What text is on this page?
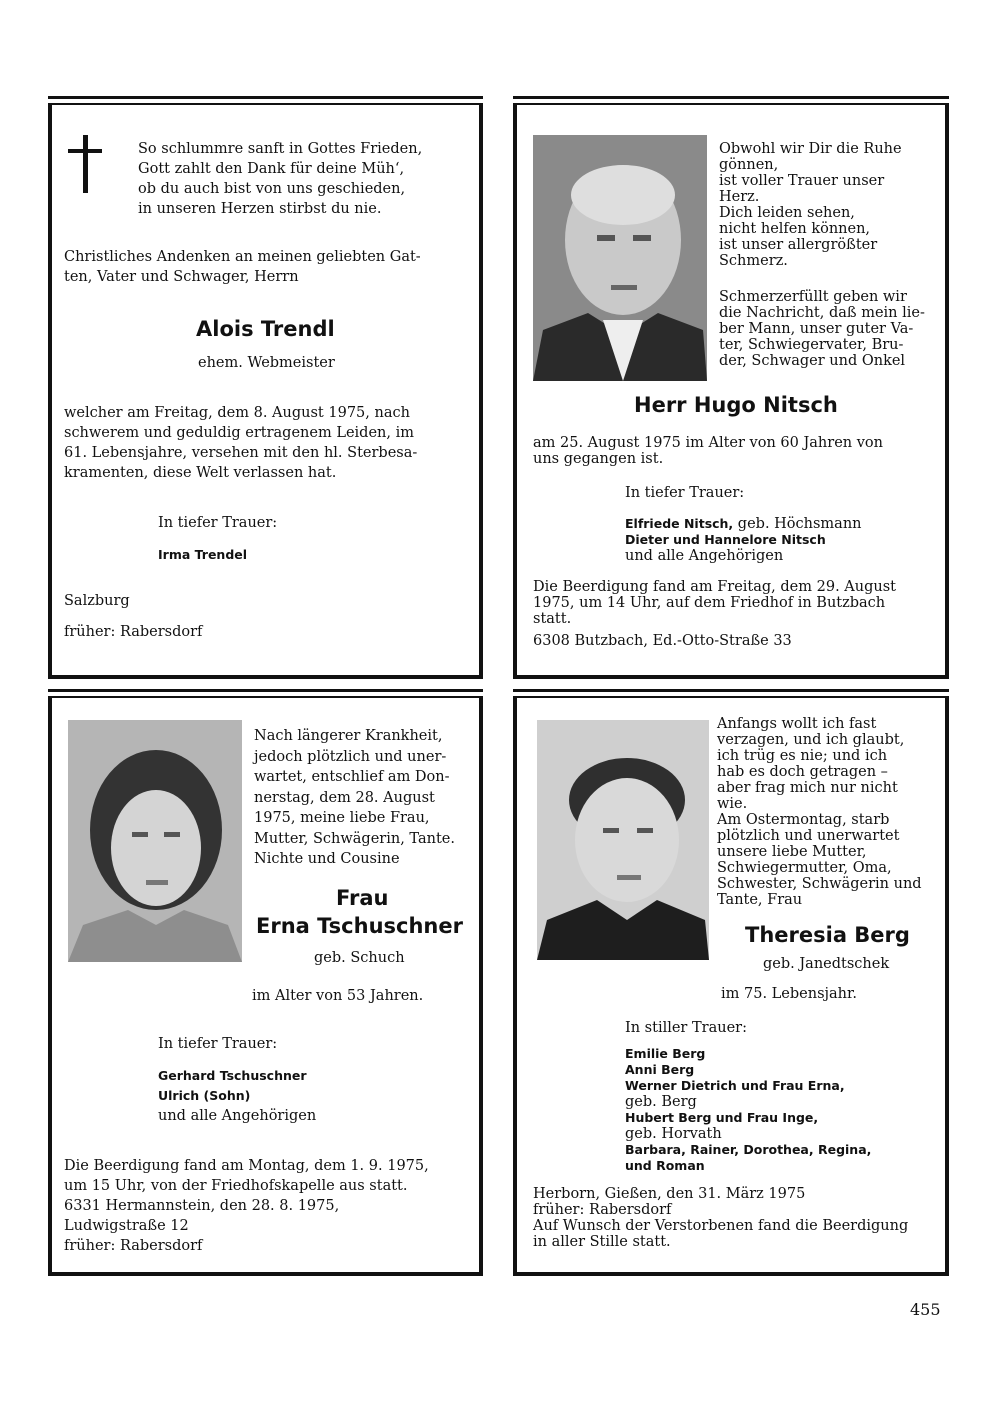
So schlummre sanft in Gottes Frieden,
Gott zahlt den Dank für deine Müh‘,
ob du auch bist von uns geschieden,
in unseren Herzen stirbst du nie.
Christliches Andenken an meinen geliebten Gat-
ten, Vater und Schwager, Herrn
Alois Trendl
ehem. Webmeister
welcher am Freitag, dem 8. August 1975, nach
schwerem und geduldig ertragenem Leiden, im
61. Lebensjahre, versehen mit den hl. Sterbesa-
kramenten, diese Welt verlassen hat.
In tiefer Trauer:
Irma Trendel
Salzburg
früher: Rabersdorf
Obwohl wir Dir die Ruhe
gönnen,
ist voller Trauer unser
Herz.
Dich leiden sehen,
nicht helfen können,
ist unser allergrößter
Schmerz.
Schmerzerfüllt geben wir
die Nachricht, daß mein lie-
ber Mann, unser guter Va-
ter, Schwiegervater, Bru-
der, Schwager und Onkel
Herr Hugo Nitsch
am 25. August 1975 im Alter von 60 Jahren von
uns gegangen ist.
In tiefer Trauer:
Elfriede Nitsch, geb. Höchsmann
Dieter und Hannelore Nitsch
und alle Angehörigen
Die Beerdigung fand am Freitag, dem 29. August
1975, um 14 Uhr, auf dem Friedhof in Butzbach
statt.
6308 Butzbach, Ed.-Otto-Straße 33
Nach längerer Krankheit,
jedoch plötzlich und uner-
wartet, entschlief am Don-
nerstag, dem 28. August
1975, meine liebe Frau,
Mutter, Schwägerin, Tante.
Nichte und Cousine
Frau
Erna Tschuschner
geb. Schuch
im Alter von 53 Jahren.
In tiefer Trauer:
Gerhard Tschuschner
Ulrich (Sohn)
und alle Angehörigen
Die Beerdigung fand am Montag, dem 1. 9. 1975,
um 15 Uhr, von der Friedhofskapelle aus statt.
6331 Hermannstein, den 28. 8. 1975,
Ludwigstraße 12
früher: Rabersdorf
Anfangs wollt ich fast
verzagen, und ich glaubt,
ich trüg es nie; und ich
hab es doch getragen –
aber frag mich nur nicht
wie.
Am Ostermontag, starb
plötzlich und unerwartet
unsere liebe Mutter,
Schwiegermutter, Oma,
Schwester, Schwägerin und
Tante, Frau
Theresia Berg
geb. Janedtschek
im 75. Lebensjahr.
In stiller Trauer:
Emilie Berg
Anni Berg
Werner Dietrich und Frau Erna,
geb. Berg
Hubert Berg und Frau Inge,
geb. Horvath
Barbara, Rainer, Dorothea, Regina,
und Roman
Herborn, Gießen, den 31. März 1975
früher: Rabersdorf
Auf Wunsch der Verstorbenen fand die Beerdigung
in aller Stille statt.
455
